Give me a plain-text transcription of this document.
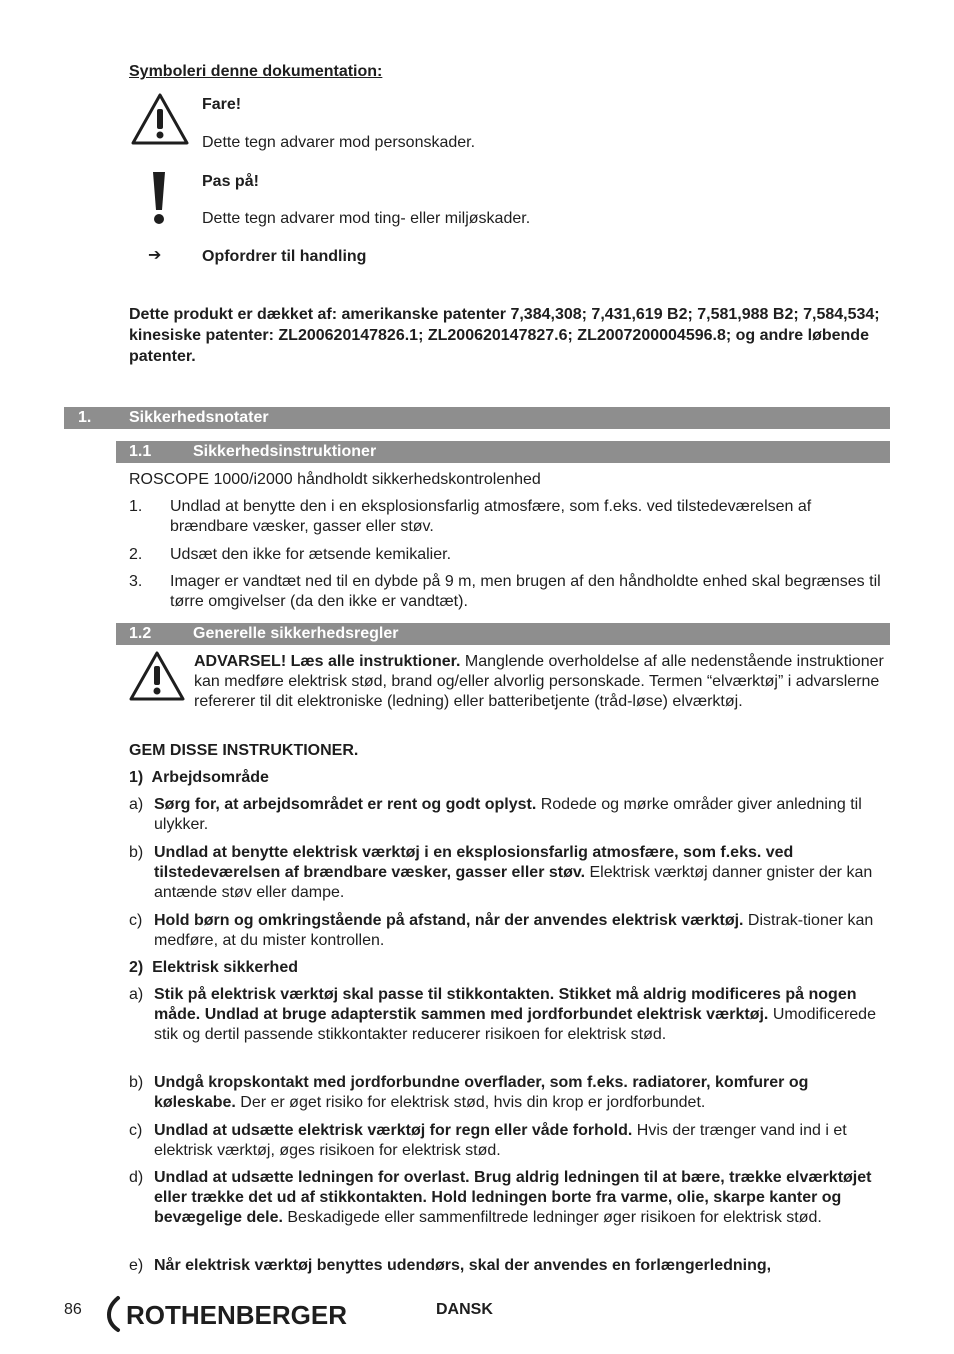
Symboleri denne dokumentation:
Fare!
Dette tegn advarer mod personskader.
Pas på!
Dette tegn advarer mod ting- eller miljøskader.
➔	Opfordrer til handling
Dette produkt er dækket af: amerikanske patenter 7,384,308; 7,431,619 B2; 7,581,988 B2; 7,584,534; kinesiske patenter: ZL200620147826.1; ZL200620147827.6; ZL2007200004596.8; og andre løbende patenter.
1. Sikkerhedsnotater
1.1	Sikkerhedsinstruktioner
ROSCOPE 1000/i2000 håndholdt sikkerhedskontrolenhed
1. Undlad at benytte den i en eksplosionsfarlig atmosfære, som f.eks. ved tilstedeværelsen af brændbare væsker, gasser eller støv.
2. Udsæt den ikke for ætsende kemikalier.
3. Imager er vandtæt ned til en dybde på 9 m, men brugen af den håndholdte enhed skal begrænses til tørre omgivelser (da den ikke er vandtæt).
1.2	Generelle sikkerhedsregler
ADVARSEL! Læs alle instruktioner. Manglende overholdelse af alle nedenstående instruktioner kan medføre elektrisk stød, brand og/eller alvorlig personskade. Termen “elværktøj” i advarslerne refererer til dit elektroniske (ledning) eller batteribetjente (tråd-løse) elværktøj.
GEM DISSE INSTRUKTIONER.
1)  Arbejdsområde
a) Sørg for, at arbejdsområdet er rent og godt oplyst. Rodede og mørke områder giver anledning til ulykker.
b) Undlad at benytte elektrisk værktøj i en eksplosionsfarlig atmosfære, som f.eks. ved tilstedeværelsen af brændbare væsker, gasser eller støv. Elektrisk værktøj danner gnister der kan antænde støv eller dampe.
c) Hold børn og omkringstående på afstand, når der anvendes elektrisk værktøj. Distrak-tioner kan medføre, at du mister kontrollen.
2)  Elektrisk sikkerhed
a) Stik på elektrisk værktøj skal passe til stikkontakten. Stikket må aldrig modificeres på nogen måde. Undlad at bruge adapterstik sammen med jordforbundet elektrisk værktøj. Umodificerede stik og dertil passende stikkontakter reducerer risikoen for elektrisk stød.
b) Undgå kropskontakt med jordforbundne overflader, som f.eks. radiatorer, komfurer og køleskabe. Der er øget risiko for elektrisk stød, hvis din krop er jordforbundet.
c) Undlad at udsætte elektrisk værktøj for regn eller våde forhold. Hvis der trænger vand ind i et elektrisk værktøj, øges risikoen for elektrisk stød.
d) Undlad at udsætte ledningen for overlast. Brug aldrig ledningen til at bære, trække elværktøjet eller trække det ud af stikkontakten. Hold ledningen borte fra varme, olie, skarpe kanter og bevægelige dele. Beskadigede eller sammenfiltrede ledninger øger risikoen for elektrisk stød.
e) Når elektrisk værktøj benyttes udendørs, skal der anvendes en forlængerledning,
86 ROTHENBERGER	DANSK
